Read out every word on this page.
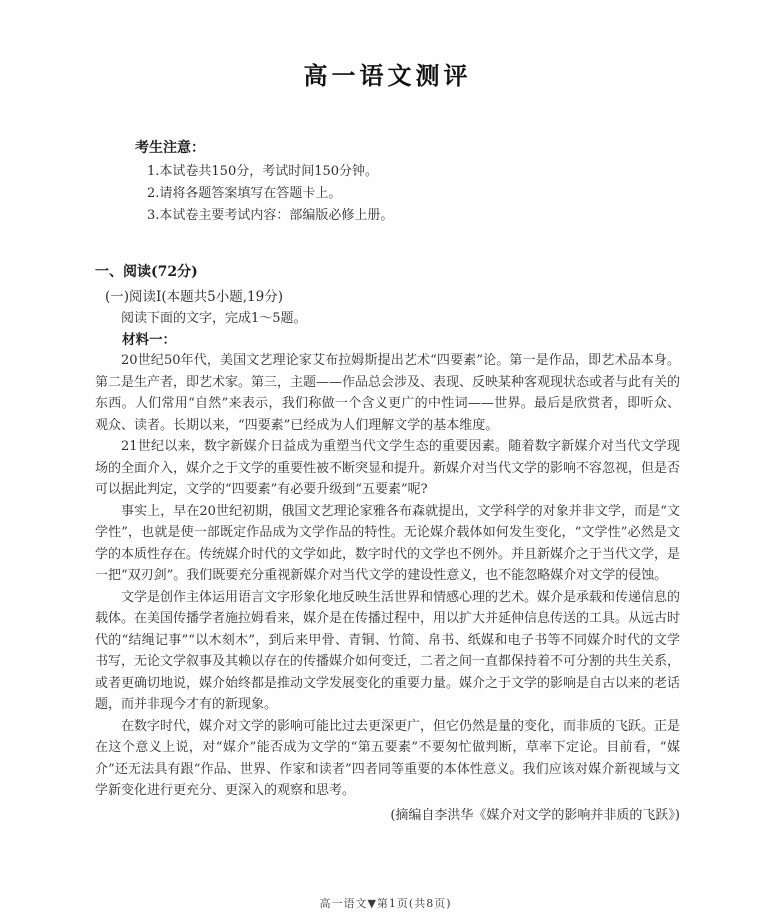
高一语文测评
考生注意：
1.本试卷共150分，考试时间150分钟。
2.请将各题答案填写在答题卡上。
3.本试卷主要考试内容：部编版必修上册。
一、阅读(72分)
(一)阅读Ⅰ(本题共5小题,19分)
阅读下面的文字，完成1～5题。
材料一：

20世纪50年代，美国文艺理论家艾布拉姆斯提出艺术“四要素”论。第一是作品，即艺术品本身。第二是生产者，即艺术家。第三，主题——作品总会涉及、表现、反映某种客观现状态或者与此有关的东西。人们常用“自然”来表示，我们称做一个含义更广的中性词——世界。最后是欣赏者，即听众、观众、读者。长期以来，“四要素”已经成为人们理解文学的基本维度。

21世纪以来，数字新媒介日益成为重塑当代文学生态的重要因素。随着数字新媒介对当代文学现场的全面介入，媒介之于文学的重要性被不断突显和提升。新媒介对当代文学的影响不容忽视，但是否可以据此判定，文学的“四要素”有必要升级到“五要素”呢?

事实上，早在20世纪初期，俄国文艺理论家雅各布森就提出，文学科学的对象并非文学，而是“文学性”，也就是使一部既定作品成为文学作品的特性。无论媒介载体如何发生变化，“文学性”必然是文学的本质性存在。传统媒介时代的文学如此，数字时代的文学也不例外。并且新媒介之于当代文学，是一把“双刃剑”。我们既要充分重视新媒介对当代文学的建设性意义，也不能忽略媒介对文学的侵蚀。

文学是创作主体运用语言文字形象化地反映生活世界和情感心理的艺术。媒介是承载和传递信息的载体。在美国传播学者施拉姆看来，媒介是在传播过程中，用以扩大并延伸信息传送的工具。从远古时代的“结绳记事”“以木刻木”，到后来甲骨、青铜、竹简、帛书、纸媒和电子书等不同媒介时代的文学书写，无论文学叙事及其赖以存在的传播媒介如何变迁，二者之间一直都保持着不可分割的共生关系，或者更确切地说，媒介始终都是推动文学发展变化的重要力量。媒介之于文学的影响是自古以来的老话题，而并非现今才有的新现象。

在数字时代，媒介对文学的影响可能比过去更深更广，但它仍然是量的变化，而非质的飞跃。正是在这个意义上说，对“媒介”能否成为文学的“第五要素”不要匆忙做判断，草率下定论。目前看，“媒介”还无法具有跟“作品、世界、作家和读者”四者同等重要的本体性意义。我们应该对媒介新视域与文学新变化进行更充分、更深入的观察和思考。

(摘编自李洪华《媒介对文学的影响并非质的飞跃》)
高一语文▼第1页(共8页)
